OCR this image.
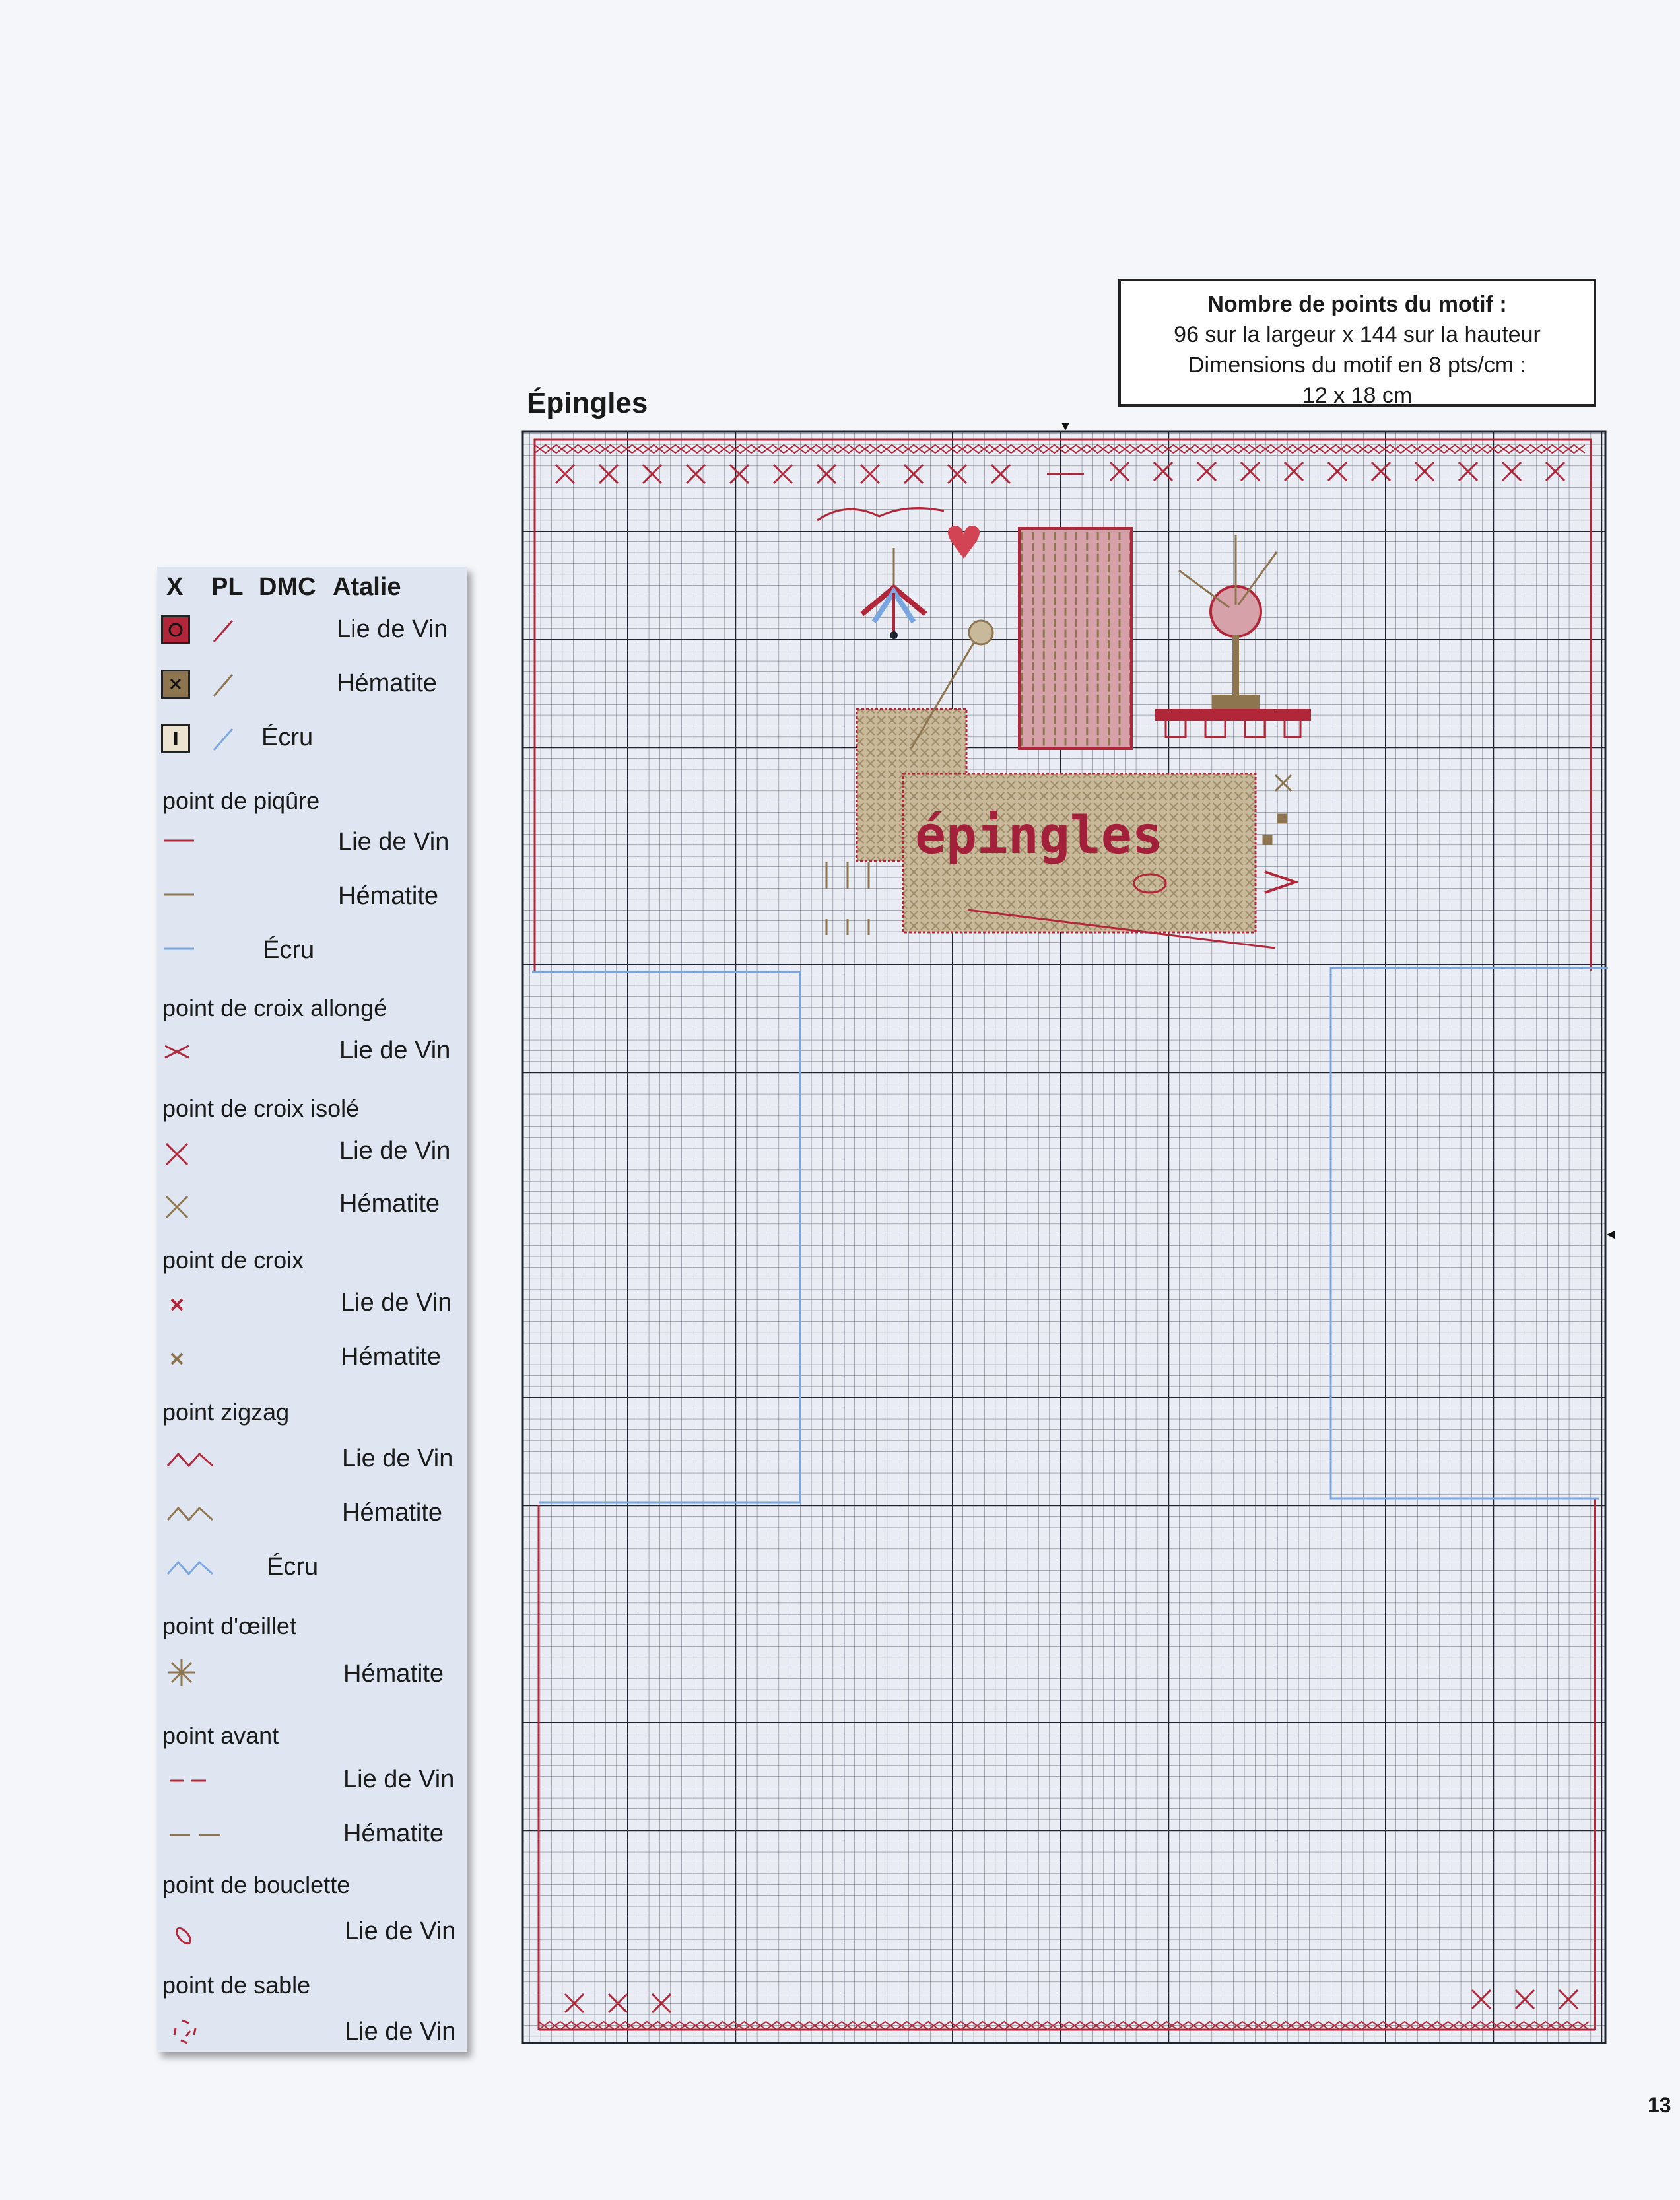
Nombre de points du motif :
96 sur la largeur x 144 sur la hauteur
Dimensions du motif en 8 pts/cm :
12 x 18 cm
Épingles
X PL DMC Atalie
Lie de Vin
Hématite
Écru
point de piqûre
Lie de Vin
Hématite
Écru
point de croix allongé
Lie de Vin
point de croix isolé
Lie de Vin
Hématite
point de croix
Lie de Vin
Hématite
point zigzag
Lie de Vin
Hématite
Écru
point d'œillet
Hématite
point avant
Lie de Vin
Hématite
point de bouclette
Lie de Vin
point de sable
Lie de Vin
épingles
13
